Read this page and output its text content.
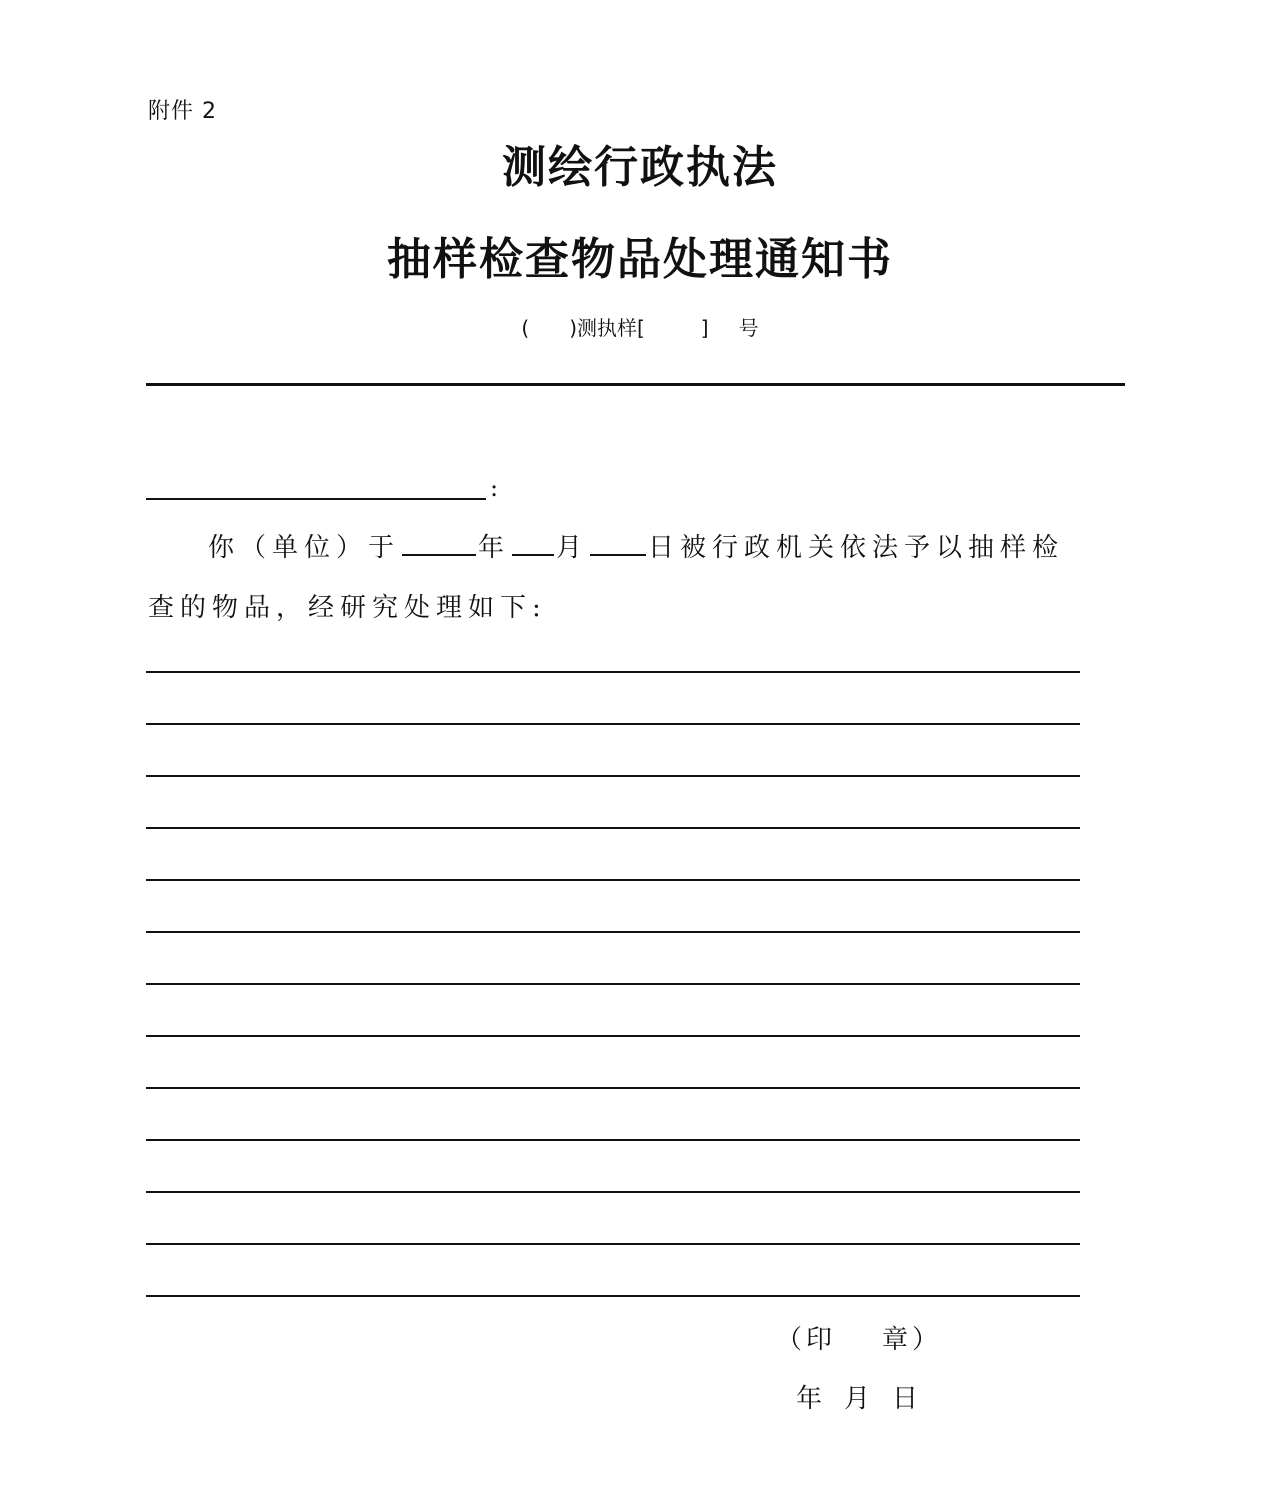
附件 2
测绘行政执法
抽样检查物品处理通知书
( )测执样[	] 号
:
你（单位）于	年 月 日被行政机关依法予以抽样检
查的物品，经研究处理如下:
（印 章）
年 月 日
